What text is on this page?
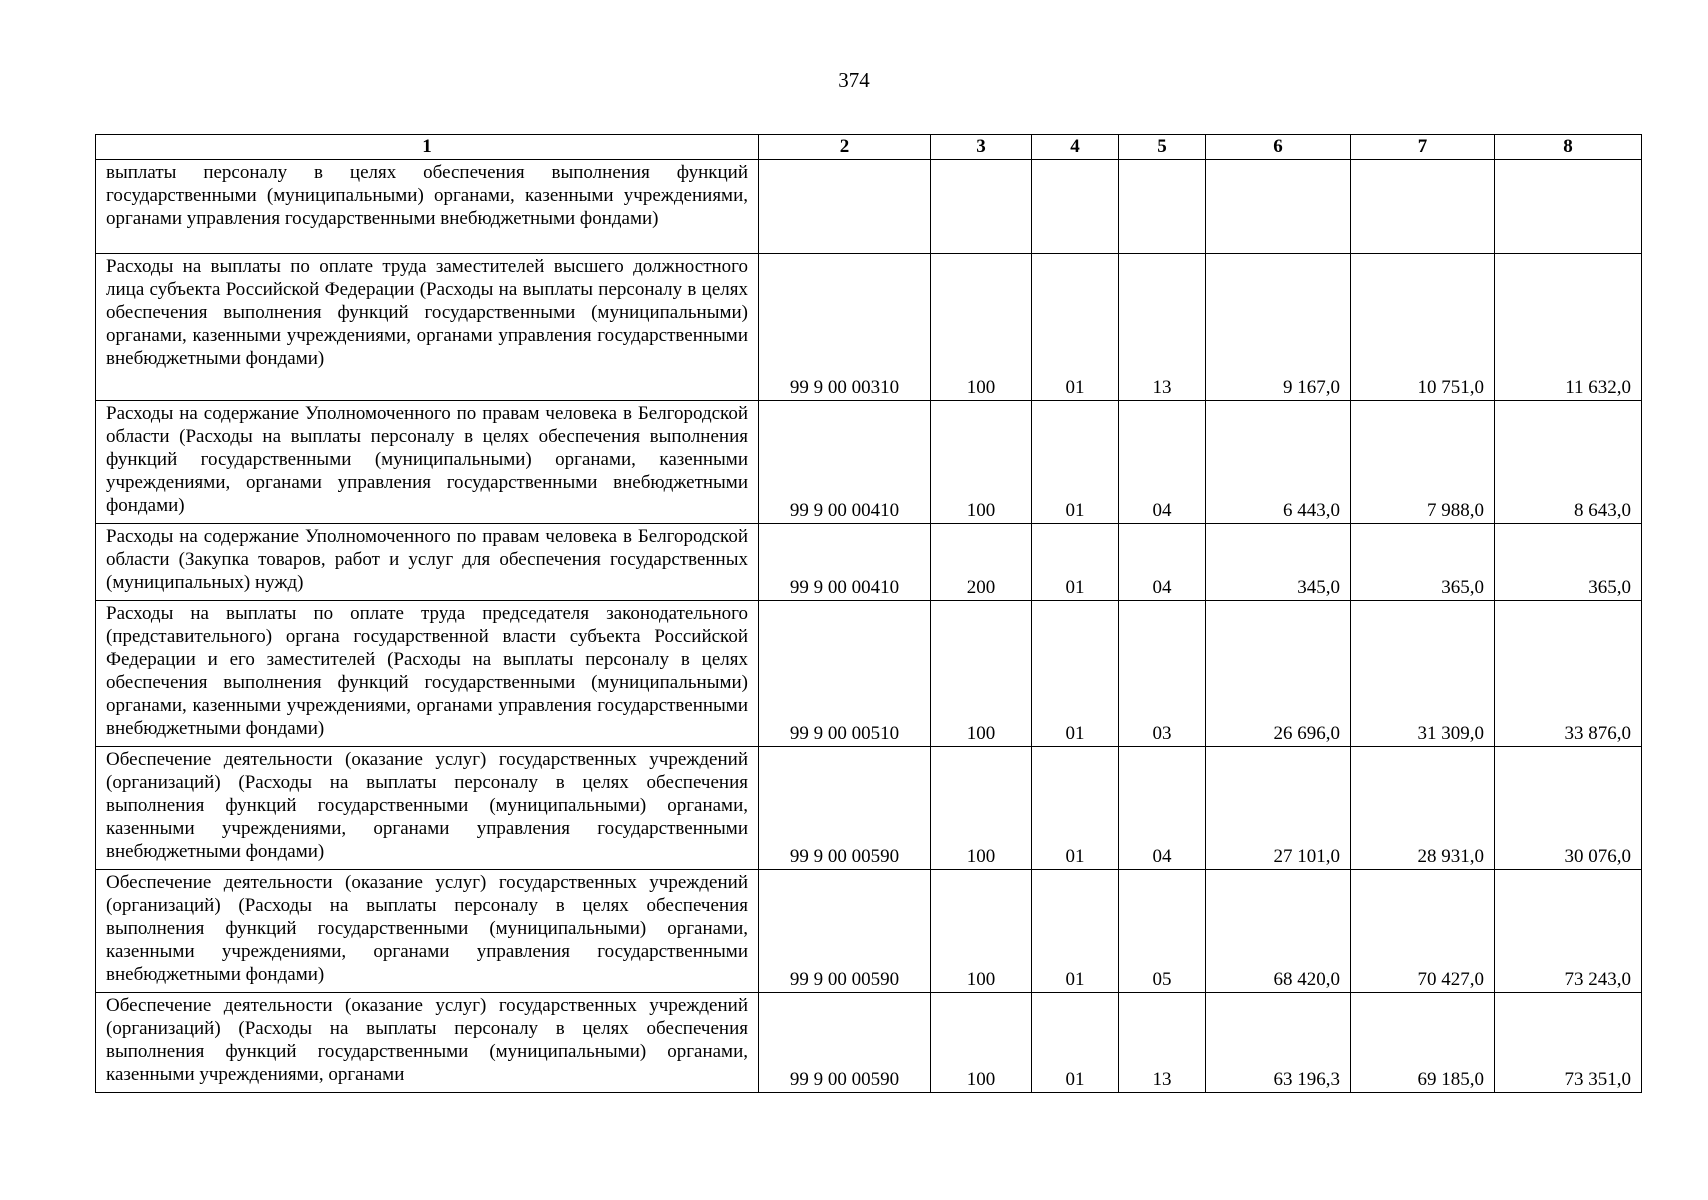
374
1	2	3	4	5	6	7	8
выплаты персоналу в целях обеспечения выполнения функций государственными (муниципальными) органами, казенными учреждениями, органами управления государственными внебюджетными фондами)							
Расходы на выплаты по оплате труда заместителей высшего должностного лица субъекта Российской Федерации (Расходы на выплаты персоналу в целях обеспечения выполнения функций государственными (муниципальными) органами, казенными учреждениями, органами управления государственными внебюджетными фондами)	99 9 00 00310	100	01	13	9 167,0	10 751,0	11 632,0
Расходы на содержание Уполномоченного по правам человека в Белгородской области (Расходы на выплаты персоналу в целях обеспечения выполнения функций государственными (муниципальными) органами, казенными учреждениями, органами управления государственными внебюджетными фондами)	99 9 00 00410	100	01	04	6 443,0	7 988,0	8 643,0
Расходы на содержание Уполномоченного по правам человека в Белгородской области (Закупка товаров, работ и услуг для обеспечения государственных (муниципальных) нужд)	99 9 00 00410	200	01	04	345,0	365,0	365,0
Расходы на выплаты по оплате труда председателя законодательного (представительного) органа государственной власти субъекта Российской Федерации и его заместителей (Расходы на выплаты персоналу в целях обеспечения выполнения функций государственными (муниципальными) органами, казенными учреждениями, органами управления государственными внебюджетными фондами)	99 9 00 00510	100	01	03	26 696,0	31 309,0	33 876,0
Обеспечение деятельности (оказание услуг) государственных учреждений (организаций) (Расходы на выплаты персоналу в целях обеспечения выполнения функций государственными (муниципальными) органами, казенными учреждениями, органами управления государственными внебюджетными фондами)	99 9 00 00590	100	01	04	27 101,0	28 931,0	30 076,0
Обеспечение деятельности (оказание услуг) государственных учреждений (организаций) (Расходы на выплаты персоналу в целях обеспечения выполнения функций государственными (муниципальными) органами, казенными учреждениями, органами управления государственными внебюджетными фондами)	99 9 00 00590	100	01	05	68 420,0	70 427,0	73 243,0
Обеспечение деятельности (оказание услуг) государственных учреждений (организаций) (Расходы на выплаты персоналу в целях обеспечения выполнения функций государственными (муниципальными) органами, казенными учреждениями, органами	99 9 00 00590	100	01	13	63 196,3	69 185,0	73 351,0
